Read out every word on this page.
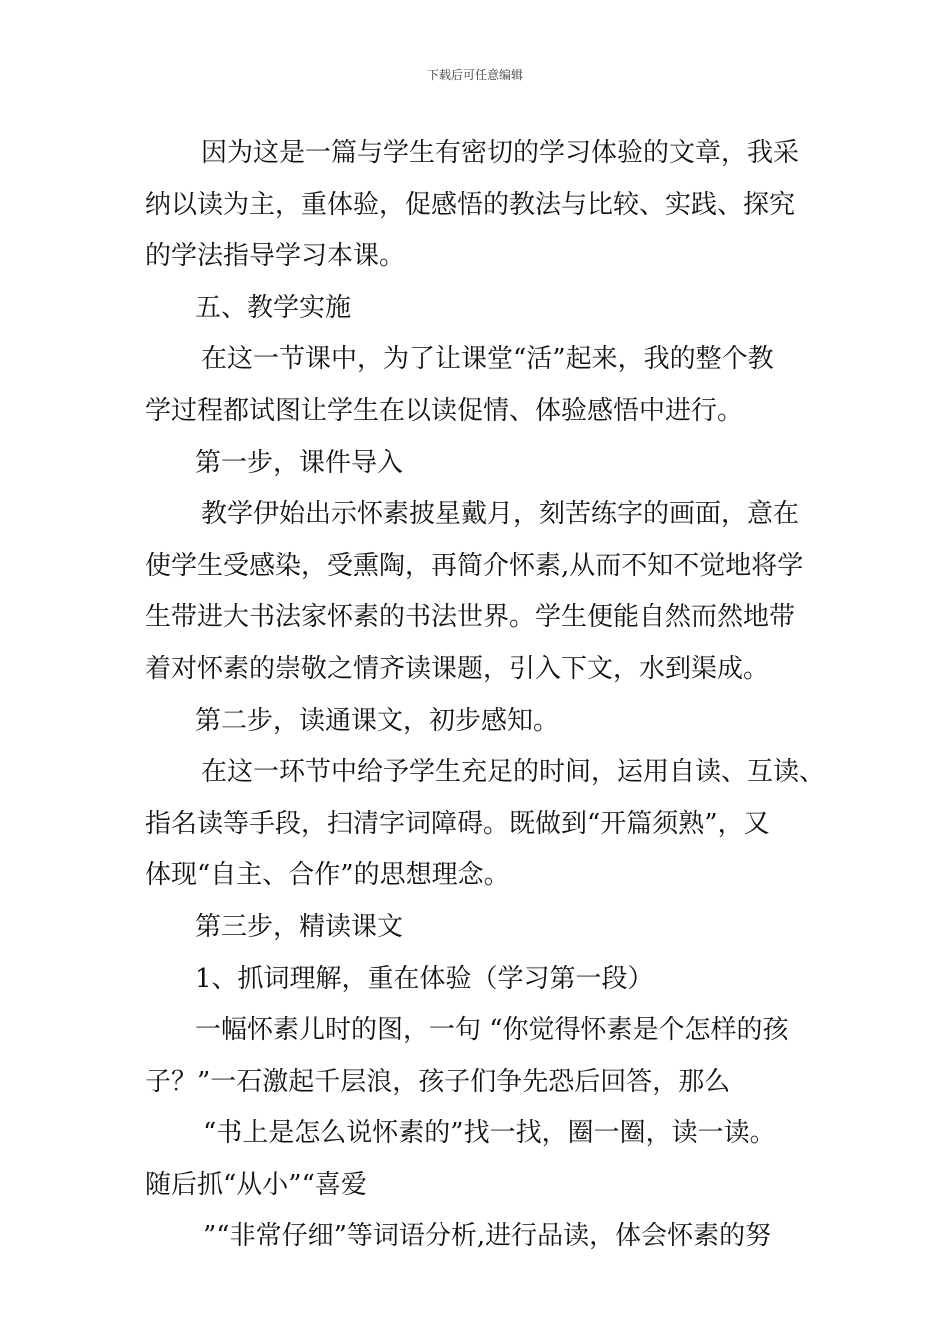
下载后可任意编辑
因为这是一篇与学生有密切的学习体验的文章，我采
纳以读为主，重体验，促感悟的教法与比较、实践、探究
的学法指导学习本课。
五、教学实施
在这一节课中，为了让课堂“活”起来，我的整个教
学过程都试图让学生在以读促情、体验感悟中进行。
第一步，课件导入
教学伊始出示怀素披星戴月，刻苦练字的画面，意在
使学生受感染，受熏陶，再简介怀素,从而不知不觉地将学
生带进大书法家怀素的书法世界。学生便能自然而然地带
着对怀素的崇敬之情齐读课题，引入下文，水到渠成。
第二步，读通课文，初步感知。
在这一环节中给予学生充足的时间，运用自读、互读、
指名读等手段，扫清字词障碍。既做到“开篇须熟”，又
体现“自主、合作”的思想理念。
第三步，精读课文
1、抓词理解，重在体验（学习第一段）
一幅怀素儿时的图，一句 “你觉得怀素是个怎样的孩
子？”一石激起千层浪，孩子们争先恐后回答，那么
“书上是怎么说怀素的”找一找，圈一圈，读一读。
随后抓“从小”“喜爱
”“非常仔细”等词语分析,进行品读，体会怀素的努
